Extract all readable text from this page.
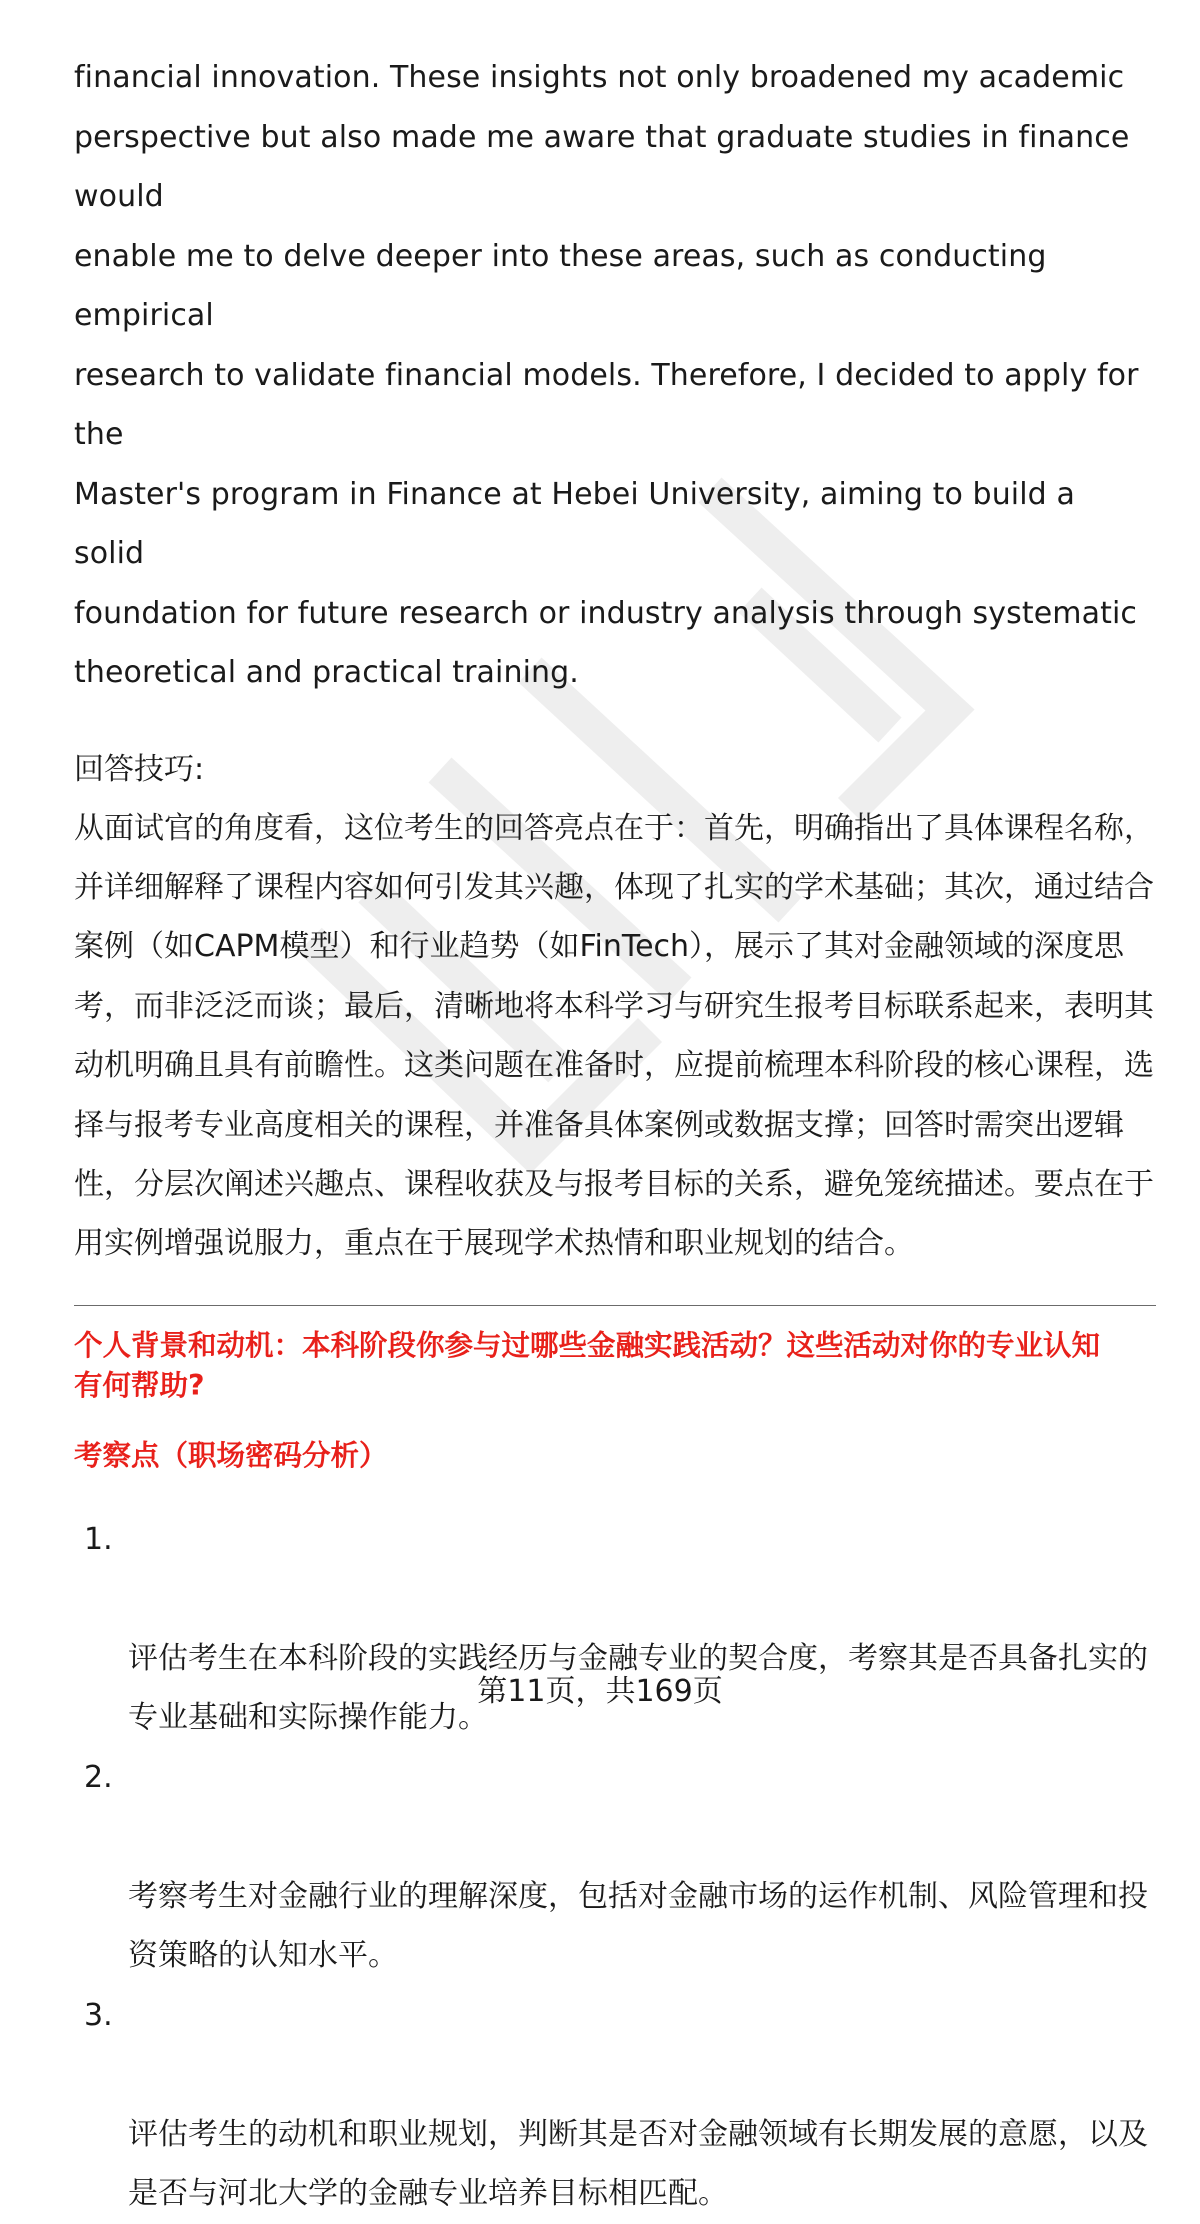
financial innovation. These insights not only broadened my academic
perspective but also made me aware that graduate studies in finance would
enable me to delve deeper into these areas, such as conducting empirical
research to validate financial models. Therefore, I decided to apply for the
Master's program in Finance at Hebei University, aiming to build a solid
foundation for future research or industry analysis through systematic
theoretical and practical training.

回答技巧:

从面试官的角度看，这位考生的回答亮点在于：首先，明确指出了具体课程名称，
并详细解释了课程内容如何引发其兴趣，体现了扎实的学术基础；其次，通过结合
案例（如CAPM模型）和行业趋势（如FinTech），展示了其对金融领域的深度思
考，而非泛泛而谈；最后，清晰地将本科学习与研究生报考目标联系起来，表明其
动机明确且具有前瞻性。这类问题在准备时，应提前梳理本科阶段的核心课程，选
择与报考专业高度相关的课程，并准备具体案例或数据支撑；回答时需突出逻辑
性，分层次阐述兴趣点、课程收获及与报考目标的关系，避免笼统描述。要点在于
用实例增强说服力，重点在于展现学术热情和职业规划的结合。

个人背景和动机：本科阶段你参与过哪些金融实践活动？这些活动对你的专业认知
有何帮助?

考察点（职场密码分析）

1.

评估考生在本科阶段的实践经历与金融专业的契合度，考察其是否具备扎实的
专业基础和实际操作能力。

2.

考察考生对金融行业的理解深度，包括对金融市场的运作机制、风险管理和投
资策略的认知水平。

3.

评估考生的动机和职业规划，判断其是否对金融领域有长期发展的意愿，以及
是否与河北大学的金融专业培养目标相匹配。

第11页，共169页
